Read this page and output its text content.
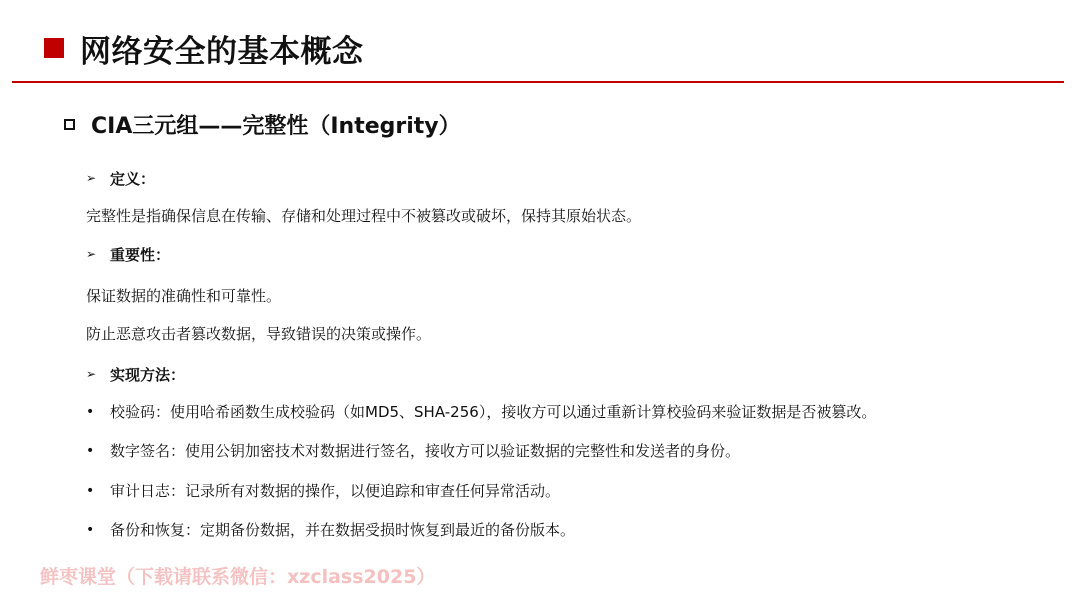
网络安全的基本概念
CIA三元组——完整性（Integrity）
➢ 定义：
完整性是指确保信息在传输、存储和处理过程中不被篡改或破坏，保持其原始状态。
➢ 重要性：
保证数据的准确性和可靠性。
防止恶意攻击者篡改数据，导致错误的决策或操作。
➢ 实现方法：
•	校验码：使用哈希函数生成校验码（如MD5、SHA-256），接收方可以通过重新计算校验码来验证数据是否被篡改。
•	数字签名：使用公钥加密技术对数据进行签名，接收方可以验证数据的完整性和发送者的身份。
•	审计日志：记录所有对数据的操作，以便追踪和审查任何异常活动。
•	备份和恢复：定期备份数据，并在数据受损时恢复到最近的备份版本。
鲜枣课堂（下载请联系微信：xzclass2025）
